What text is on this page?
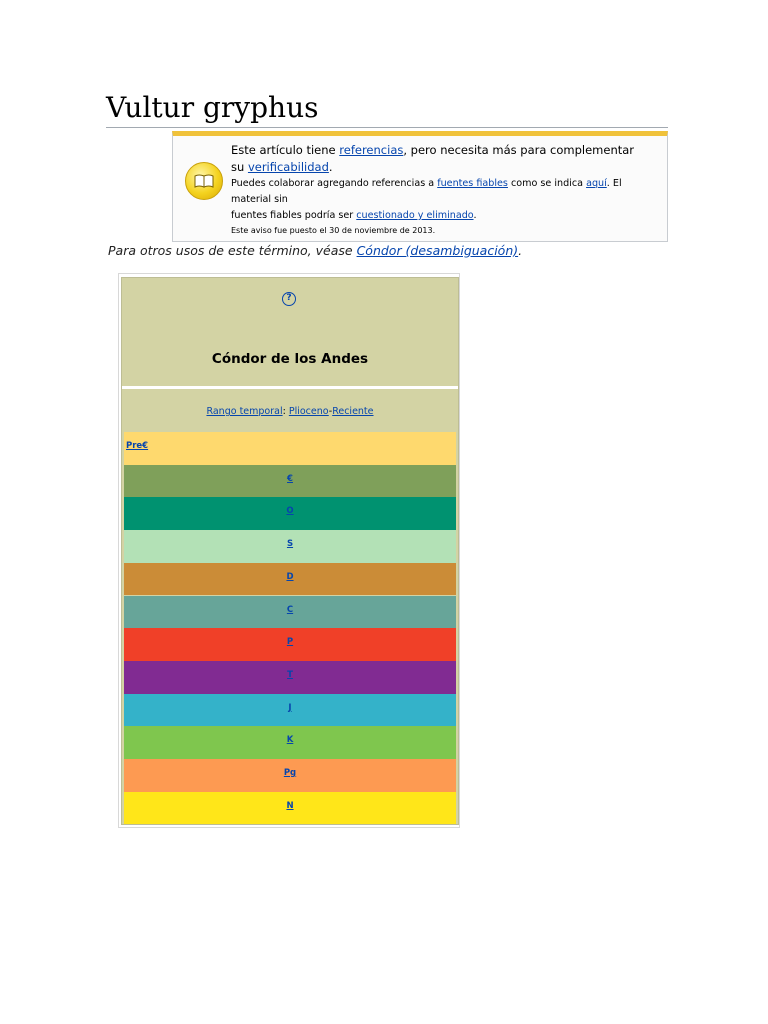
Vultur gryphus
Este artículo tiene referencias, pero necesita más para complementar
su verificabilidad.
Puedes colaborar agregando referencias a fuentes fiables como se indica aquí. El material sin
fuentes fiables podría ser cuestionado y eliminado.
Este aviso fue puesto el 30 de noviembre de 2013.
Para otros usos de este término, véase Cóndor (desambiguación).
?
Cóndor de los Andes
Rango temporal: Plioceno-Reciente
Pre€
€
O
S
D
C
P
T
J
K
Pg
N
